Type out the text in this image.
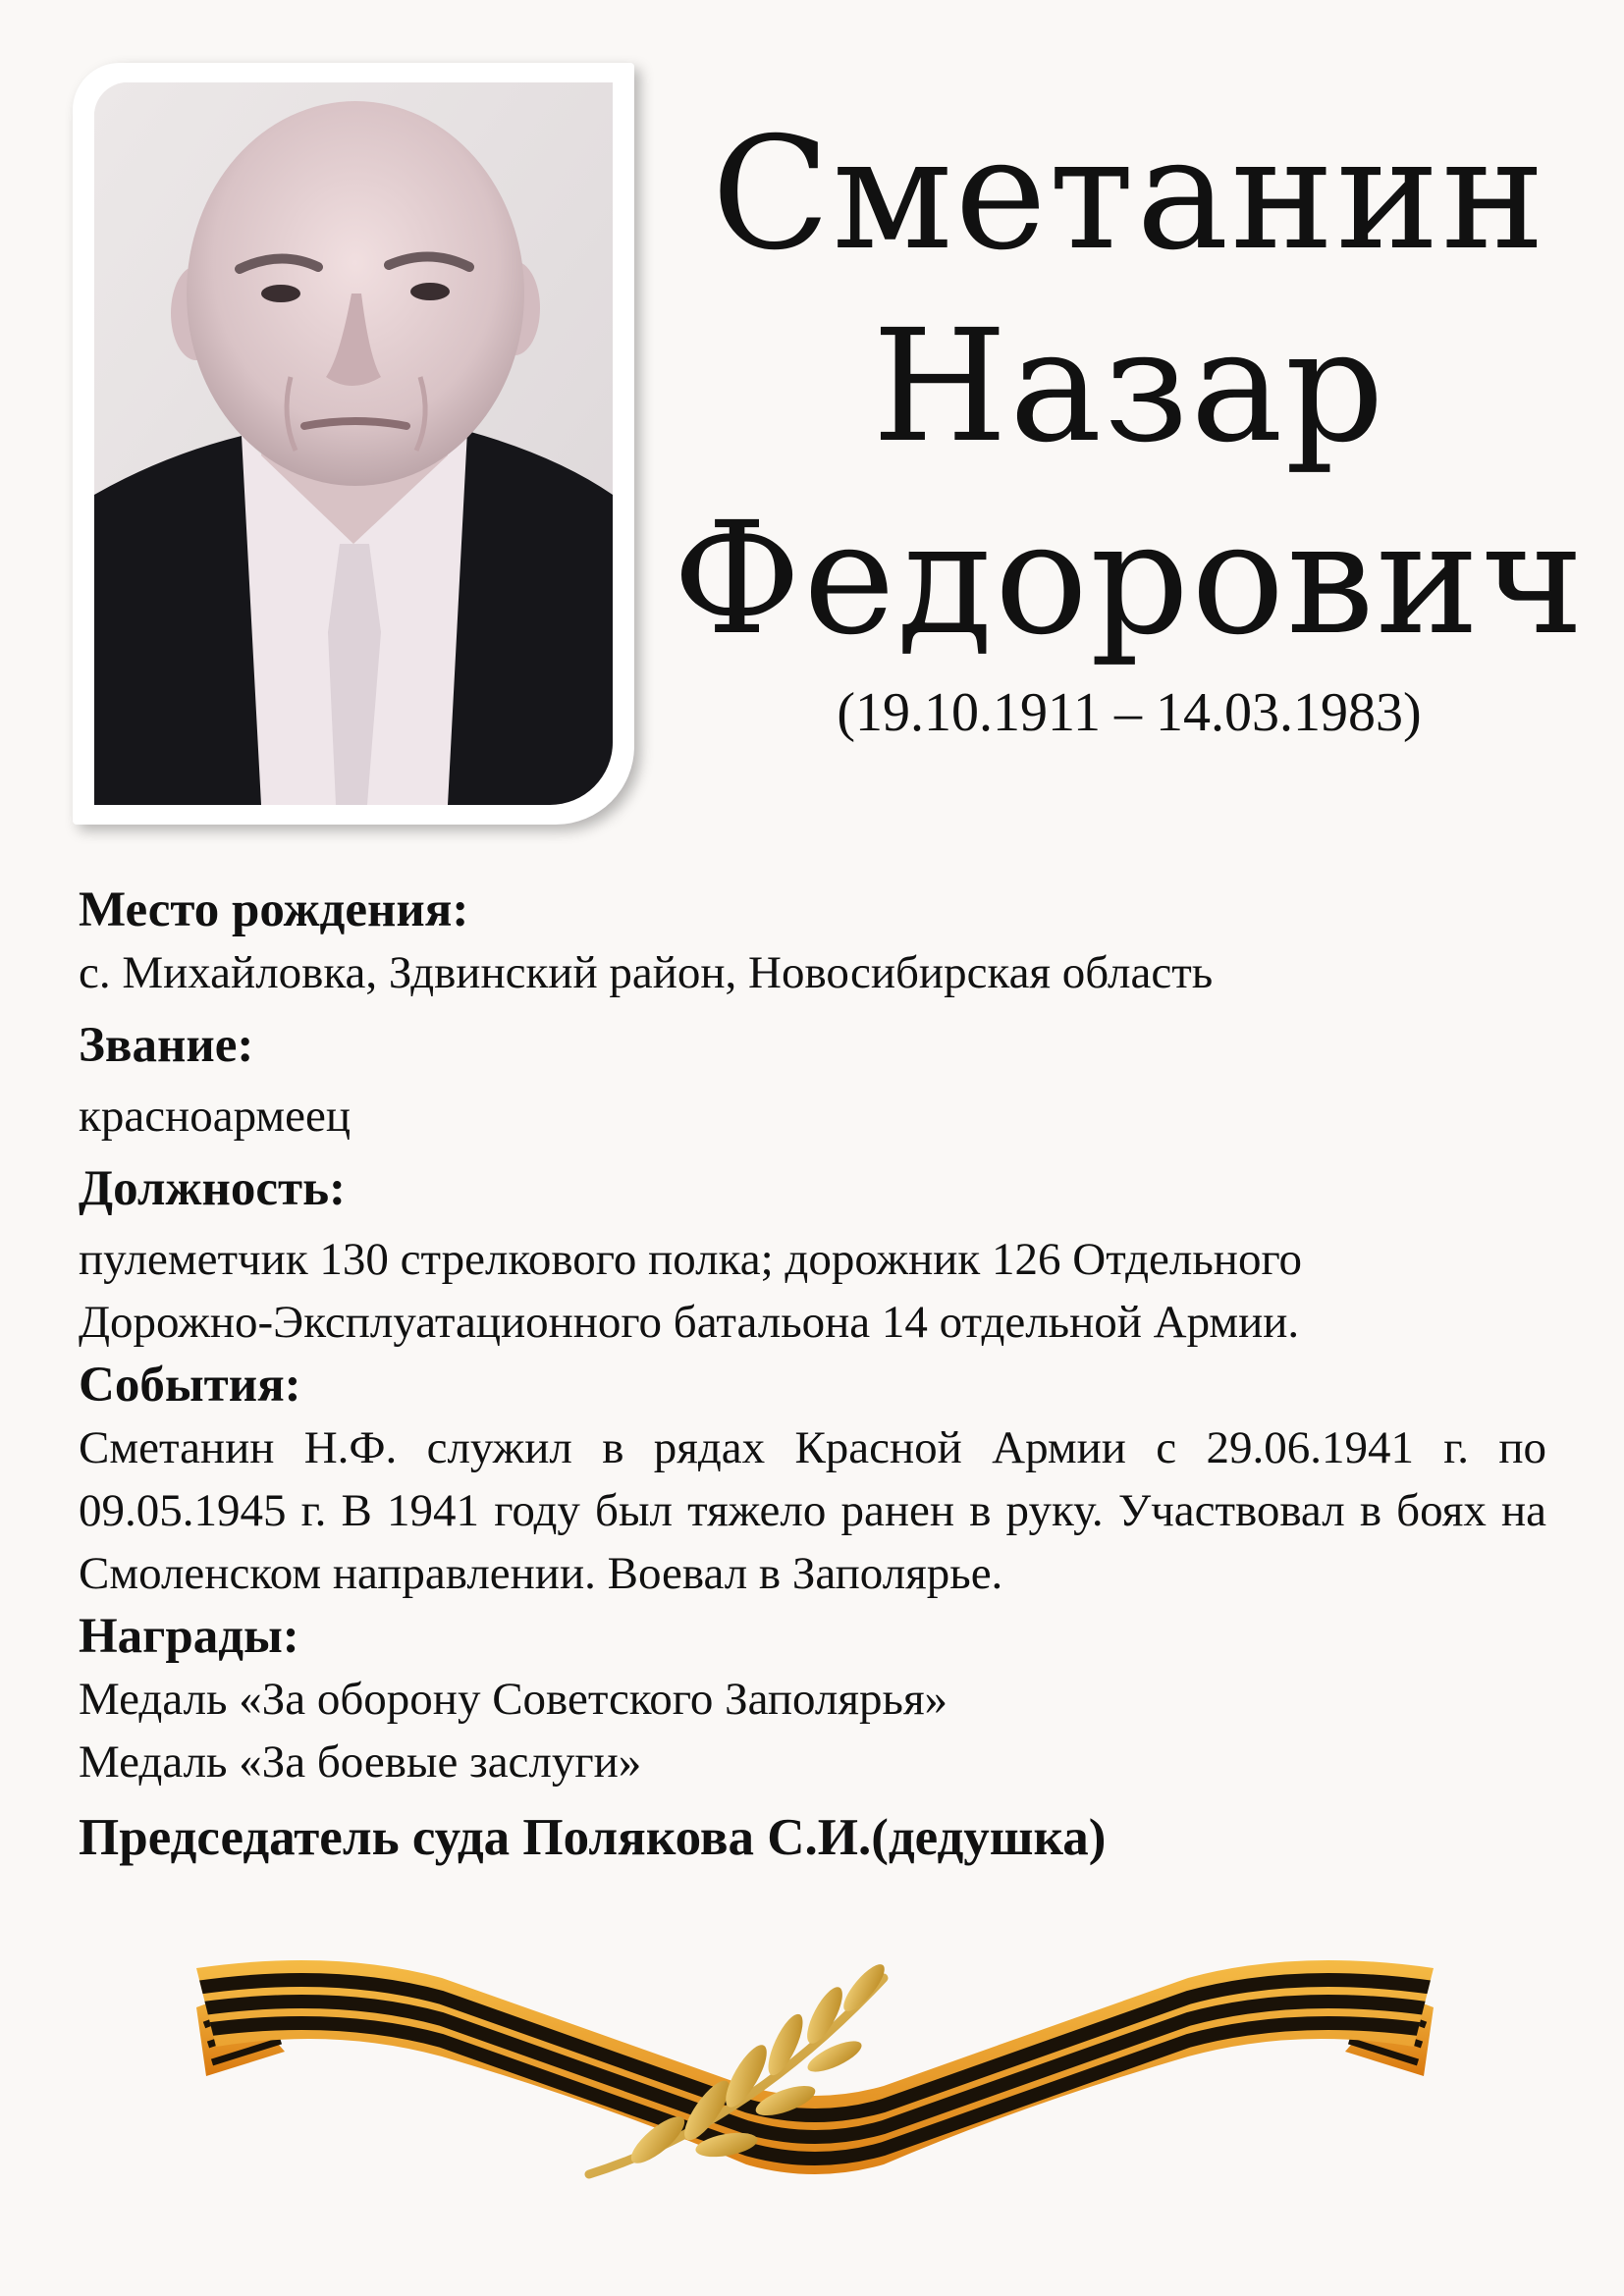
Сметанин
Назар
Федорович
(19.10.1911 – 14.03.1983)
Место рождения:
с. Михайловка, Здвинский район, Новосибирская область
Звание:
красноармеец
Должность:
пулеметчик 130 стрелкового полка; дорожник 126 Отдельного
Дорожно-Эксплуатационного батальона 14 отдельной Армии.
События:
Сметанин Н.Ф. служил в рядах Красной Армии с 29.06.1941 г. по 09.05.1945 г. В 1941 году был тяжело ранен в руку. Участвовал в боях на Смоленском направлении. Воевал в Заполярье.
Награды:
Медаль «За оборону Советского Заполярья»
Медаль «За боевые заслуги»
Председатель суда Полякова С.И.(дедушка)
